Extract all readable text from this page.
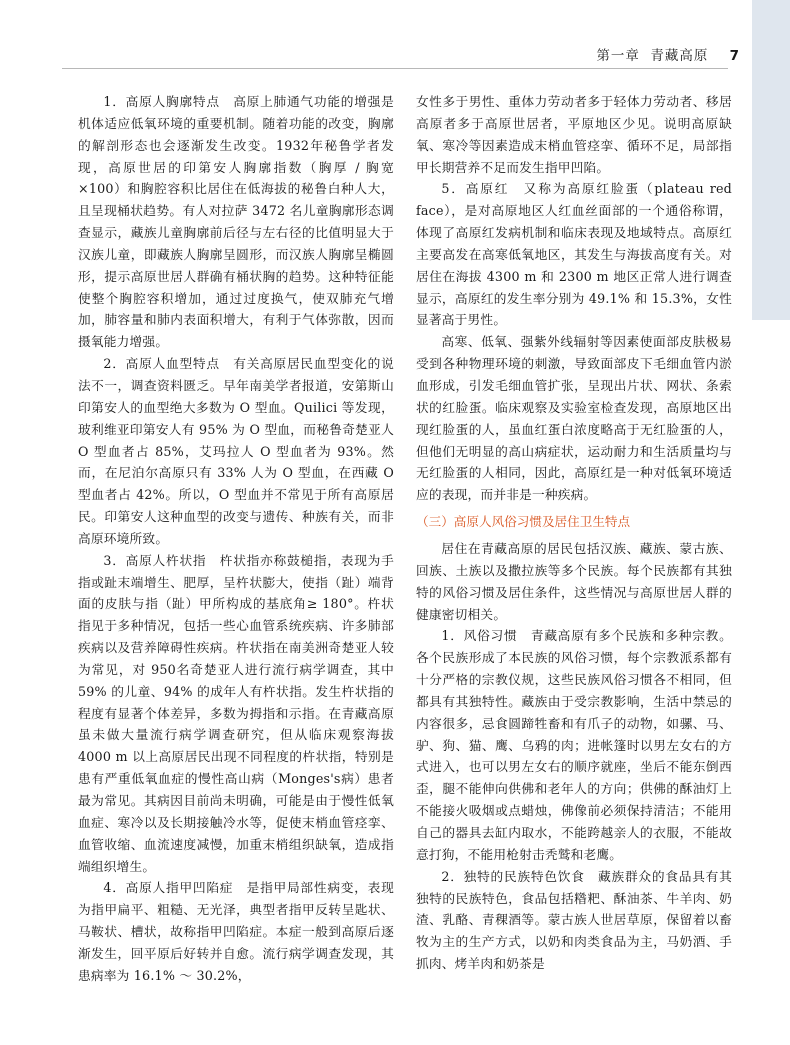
第一章 青藏高原 7

1．高原人胸廓特点　高原上肺通气功能的增强是机体适应低氧环境的重要机制。随着功能的改变，胸廓的解剖形态也会逐渐发生改变。1932年秘鲁学者发现，高原世居的印第安人胸廓指数（胸厚 / 胸宽 ×100）和胸腔容积比居住在低海拔的秘鲁白种人大，且呈现桶状趋势。有人对拉萨 3472 名儿童胸廓形态调查显示，藏族儿童胸廓前后径与左右径的比值明显大于汉族儿童，即藏族人胸廓呈圆形，而汉族人胸廓呈椭圆形，提示高原世居人群确有桶状胸的趋势。这种特征能使整个胸腔容积增加，通过过度换气，使双肺充气增加，肺容量和肺内表面积增大，有利于气体弥散，因而摄氧能力增强。

2．高原人血型特点　有关高原居民血型变化的说法不一，调查资料匮乏。早年南美学者报道，安第斯山印第安人的血型绝大多数为 O 型血。Quilici 等发现，玻利维亚印第安人有 95% 为 O 型血，而秘鲁奇楚亚人 O 型血者占 85%，艾玛拉人 O 型血者为 93%。然而，在尼泊尔高原只有 33% 人为 O 型血，在西藏 O 型血者占 42%。所以，O 型血并不常见于所有高原居民。印第安人这种血型的改变与遗传、种族有关，而非高原环境所致。

3．高原人杵状指　杵状指亦称鼓槌指，表现为手指或趾末端增生、肥厚，呈杵状膨大，使指（趾）端背面的皮肤与指（趾）甲所构成的基底角≥ 180°。杵状指见于多种情况，包括一些心血管系统疾病、许多肺部疾病以及营养障碍性疾病。杵状指在南美洲奇楚亚人较为常见，对 950名奇楚亚人进行流行病学调查，其中 59% 的儿童、94% 的成年人有杵状指。发生杵状指的程度有显著个体差异，多数为拇指和示指。在青藏高原虽未做大量流行病学调查研究，但从临床观察海拔4000 m 以上高原居民出现不同程度的杵状指，特别是患有严重低氧血症的慢性高山病（Monges's病）患者最为常见。其病因目前尚未明确，可能是由于慢性低氧血症、寒冷以及长期接触冷水等，促使末梢血管痉挛、血管收缩、血流速度减慢，加重末梢组织缺氧，造成指端组织增生。

4．高原人指甲凹陷症　是指甲局部性病变，表现为指甲扁平、粗糙、无光泽，典型者指甲反转呈匙状、马鞍状、槽状，故称指甲凹陷症。本症一般到高原后逐渐发生，回平原后好转并自愈。流行病学调查发现，其患病率为 16.1% ～ 30.2%，

女性多于男性、重体力劳动者多于轻体力劳动者、移居高原者多于高原世居者，平原地区少见。说明高原缺氧、寒冷等因素造成末梢血管痉挛、循环不足，局部指甲长期营养不足而发生指甲凹陷。

5．高原红　又称为高原红脸蛋（plateau red face），是对高原地区人红血丝面部的一个通俗称谓，体现了高原红发病机制和临床表现及地域特点。高原红主要高发在高寒低氧地区，其发生与海拔高度有关。对居住在海拔 4300 m 和 2300 m 地区正常人进行调查显示，高原红的发生率分别为 49.1% 和 15.3%，女性显著高于男性。

高寒、低氧、强紫外线辐射等因素使面部皮肤极易受到各种物理环境的刺激，导致面部皮下毛细血管内淤血形成，引发毛细血管扩张，呈现出片状、网状、条索状的红脸蛋。临床观察及实验室检查发现，高原地区出现红脸蛋的人，虽血红蛋白浓度略高于无红脸蛋的人，但他们无明显的高山病症状，运动耐力和生活质量均与无红脸蛋的人相同，因此，高原红是一种对低氧环境适应的表现，而并非是一种疾病。

（三）高原人风俗习惯及居住卫生特点

居住在青藏高原的居民包括汉族、藏族、蒙古族、回族、土族以及撒拉族等多个民族。每个民族都有其独特的风俗习惯及居住条件，这些情况与高原世居人群的健康密切相关。

1．风俗习惯　青藏高原有多个民族和多种宗教。各个民族形成了本民族的风俗习惯，每个宗教派系都有十分严格的宗教仪规，这些民族风俗习惯各不相同，但都具有其独特性。藏族由于受宗教影响，生活中禁忌的内容很多，忌食圆蹄牲畜和有爪子的动物，如骡、马、驴、狗、猫、鹰、乌鸦的肉；进帐篷时以男左女右的方式进入，也可以男左女右的顺序就座，坐后不能东倒西歪，腿不能伸向供佛和老年人的方向；供佛的酥油灯上不能接火吸烟或点蜡烛，佛像前必须保持清洁；不能用自己的器具去缸内取水，不能跨越亲人的衣服，不能故意打狗，不能用枪射击秃鹫和老鹰。

2．独特的民族特色饮食　藏族群众的食品具有其独特的民族特色，食品包括糌粑、酥油茶、牛羊肉、奶渣、乳酪、青稞酒等。蒙古族人世居草原，保留着以畜牧为主的生产方式，以奶和肉类食品为主，马奶酒、手抓肉、烤羊肉和奶茶是
